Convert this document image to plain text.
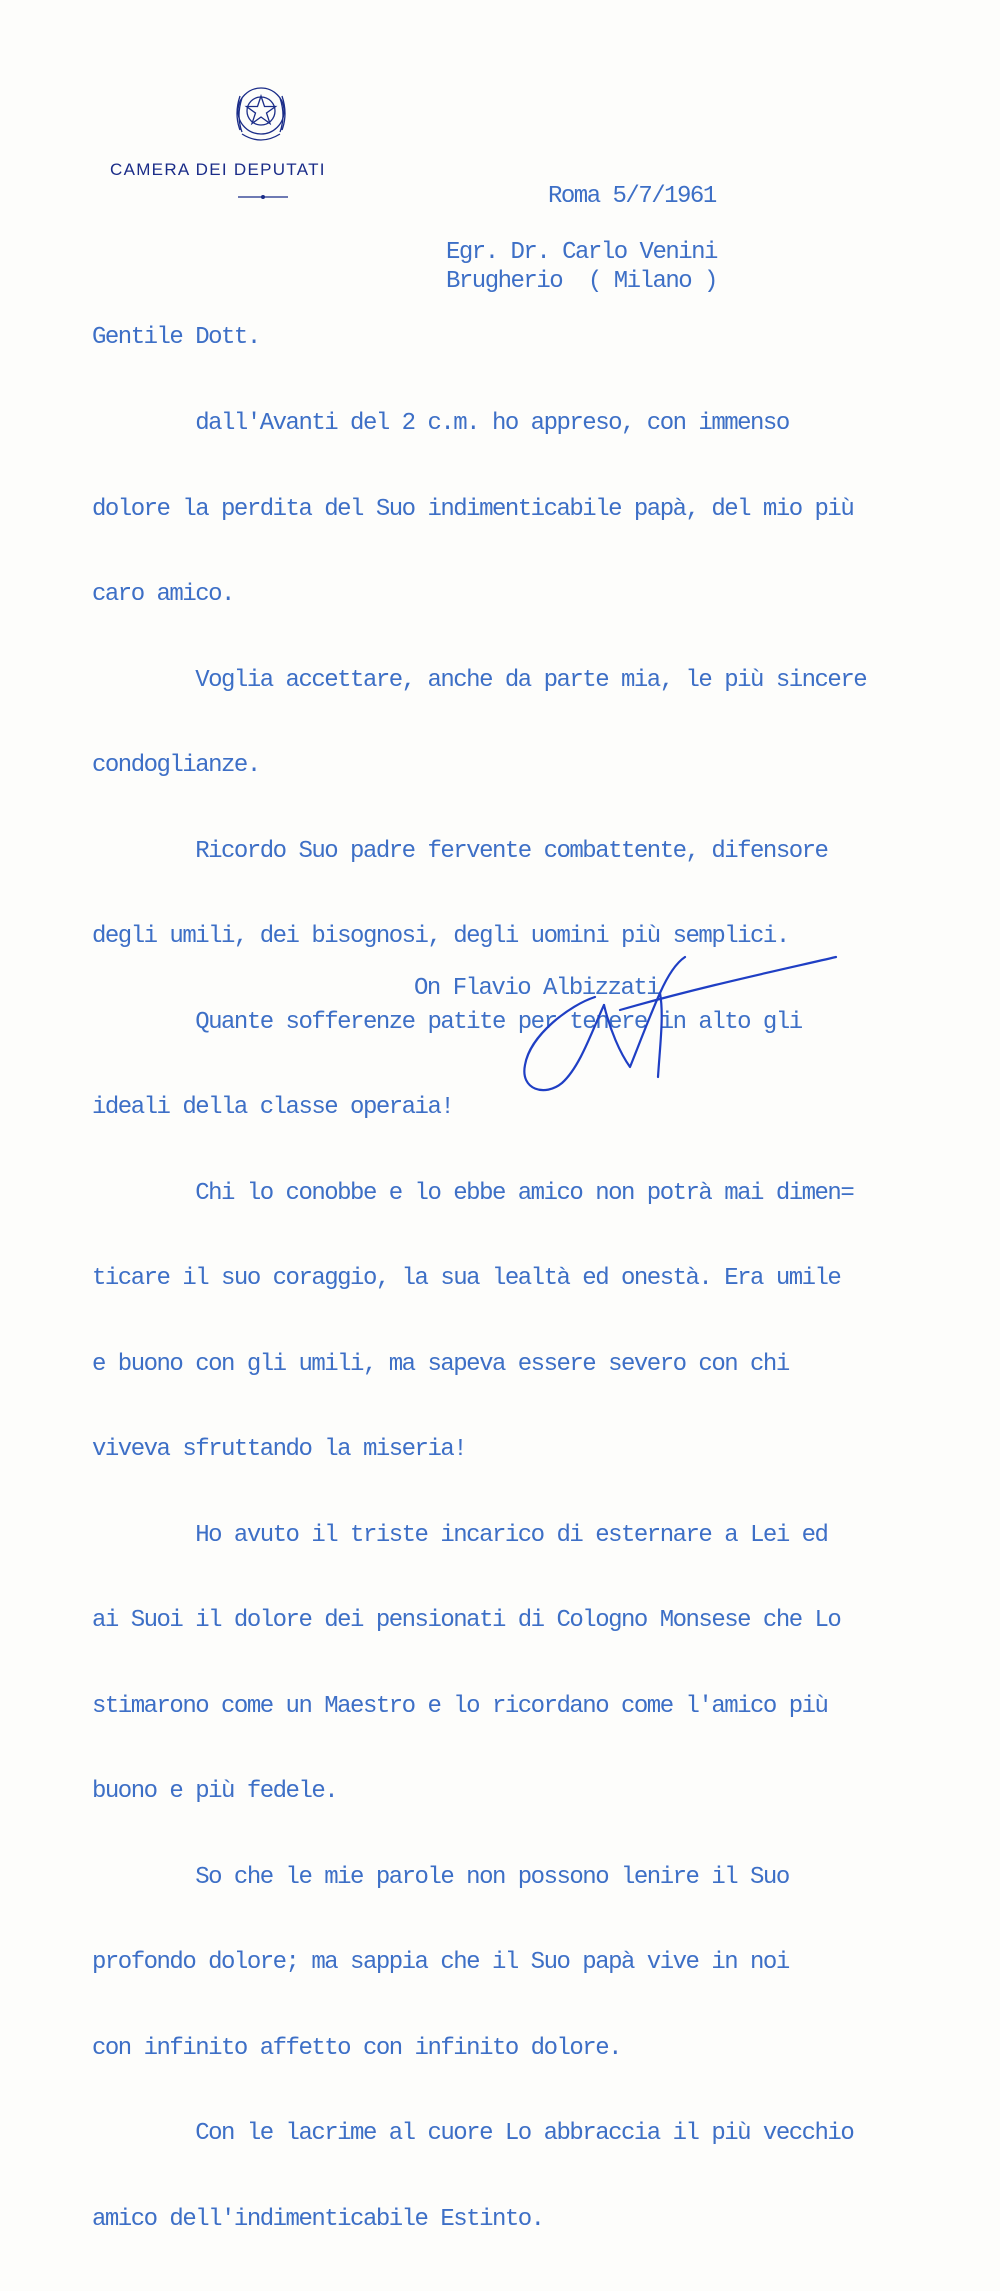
CAMERA DEI DEPUTATI
Roma 5/7/1961
Egr. Dr. Carlo Venini
Brugherio  ( Milano )
Gentile Dott.

dall'Avanti del 2 c.m. ho appreso, con immenso

dolore la perdita del Suo indimenticabile papà, del mio più

caro amico.

Voglia accettare, anche da parte mia, le più sincere

condoglianze.

Ricordo Suo padre fervente combattente, difensore

degli umili, dei bisognosi, degli uomini più semplici.

Quante sofferenze patite per tenere in alto gli

ideali della classe operaia!

Chi lo conobbe e lo ebbe amico non potrà mai dimen=

ticare il suo coraggio, la sua lealtà ed onestà. Era umile

e buono con gli umili, ma sapeva essere severo con chi

viveva sfruttando la miseria!

Ho avuto il triste incarico di esternare a Lei ed

ai Suoi il dolore dei pensionati di Cologno Monsese che Lo

stimarono come un Maestro e lo ricordano come l'amico più

buono e più fedele.

So che le mie parole non possono lenire il Suo

profondo dolore; ma sappia che il Suo papà vive in noi

con infinito affetto con infinito dolore.

Con le lacrime al cuore Lo abbraccia il più vecchio

amico dell'indimenticabile Estinto.

On Flavio Albizzati
